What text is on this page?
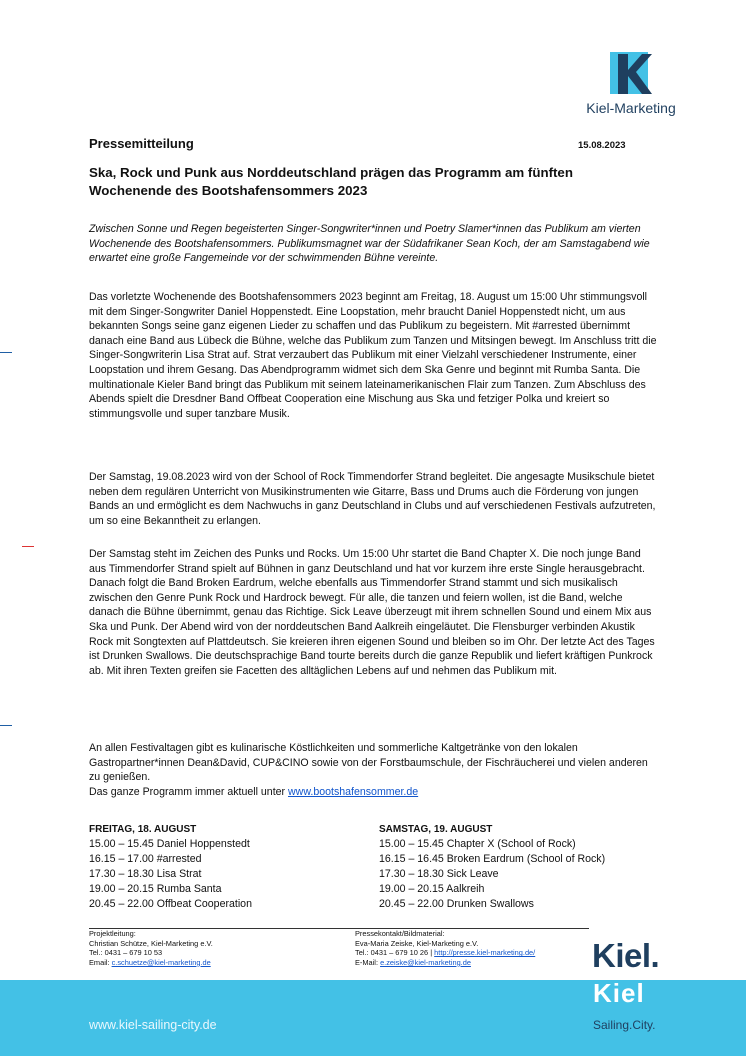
Kiel-Marketing
Pressemitteilung	15.08.2023
Ska, Rock und Punk aus Norddeutschland prägen das Programm am fünften Wochenende des Bootshafensommers 2023

Zwischen Sonne und Regen begeisterten Singer-Songwriter*innen und Poetry Slamer*innen das Publikum am vierten Wochenende des Bootshafensommers. Publikumsmagnet war der Südafrikaner Sean Koch, der am Samstagabend wie erwartet eine große Fangemeinde vor der schwimmenden Bühne vereinte.

Das vorletzte Wochenende des Bootshafensommers 2023 beginnt am Freitag, 18. August um 15:00 Uhr stimmungsvoll mit dem Singer-Songwriter Daniel Hoppenstedt. Eine Loopstation, mehr braucht Daniel Hoppenstedt nicht, um aus bekannten Songs seine ganz eigenen Lieder zu schaffen und das Publikum zu begeistern. Mit #arrested übernimmt danach eine Band aus Lübeck die Bühne, welche das Publikum zum Tanzen und Mitsingen bewegt. Im Anschluss tritt die Singer-Songwriterin Lisa Strat auf. Strat verzaubert das Publikum mit einer Vielzahl verschiedener Instrumente, einer Loopstation und ihrem Gesang. Das Abendprogramm widmet sich dem Ska Genre und beginnt mit Rumba Santa. Die multinationale Kieler Band bringt das Publikum mit seinem lateinamerikanischen Flair zum Tanzen. Zum Abschluss des Abends spielt die Dresdner Band Offbeat Cooperation eine Mischung aus Ska und fetziger Polka und kreiert so stimmungsvolle und super tanzbare Musik.

Der Samstag, 19.08.2023 wird von der School of Rock Timmendorfer Strand begleitet. Die angesagte Musikschule bietet neben dem regulären Unterricht von Musikinstrumenten wie Gitarre, Bass und Drums auch die Förderung von jungen Bands an und ermöglicht es dem Nachwuchs in ganz Deutschland in Clubs und auf verschiedenen Festivals aufzutreten, um so eine Bekanntheit zu erlangen.

Der Samstag steht im Zeichen des Punks und Rocks. Um 15:00 Uhr startet die Band Chapter X. Die noch junge Band aus Timmendorfer Strand spielt auf Bühnen in ganz Deutschland und hat vor kurzem ihre erste Single herausgebracht. Danach folgt die Band Broken Eardrum, welche ebenfalls aus Timmendorfer Strand stammt und sich musikalisch zwischen den Genre Punk Rock und Hardrock bewegt. Für alle, die tanzen und feiern wollen, ist die Band, welche danach die Bühne übernimmt, genau das Richtige. Sick Leave überzeugt mit ihrem schnellen Sound und einem Mix aus Ska und Punk. Der Abend wird von der norddeutschen Band Aalkreih eingeläutet. Die Flensburger verbinden Akustik Rock mit Songtexten auf Plattdeutsch. Sie kreieren ihren eigenen Sound und bleiben so im Ohr. Der letzte Act des Tages ist Drunken Swallows. Die deutschsprachige Band tourte bereits durch die ganze Republik und liefert kräftigen Punkrock ab. Mit ihren Texten greifen sie Facetten des alltäglichen Lebens auf und nehmen das Publikum mit.

An allen Festivaltagen gibt es kulinarische Köstlichkeiten und sommerliche Kaltgetränke von den lokalen Gastropartner*innen Dean&David, CUP&CINO sowie von der Forstbaumschule, der Fischräucherei und vielen anderen zu genießen.
Das ganze Programm immer aktuell unter www.bootshafensommer.de

FREITAG, 18. AUGUST
15.00 – 15.45 Daniel Hoppenstedt
16.15 – 17.00 #arrested
17.30 – 18.30 Lisa Strat
19.00 – 20.15 Rumba Santa
20.45 – 22.00 Offbeat Cooperation
SAMSTAG, 19. AUGUST
15.00 – 15.45 Chapter X (School of Rock)
16.15 – 16.45 Broken Eardrum (School of Rock)
17.30 – 18.30 Sick Leave
19.00 – 20.15 Aalkreih
20.45 – 22.00 Drunken Swallows
Projektleitung:
Christian Schütze, Kiel-Marketing e.V.
Tel.: 0431 – 679 10 53
Email: c.schuetze@kiel-marketing.de
Pressekontakt/Bildmaterial:
Eva-Maria Zeiske, Kiel-Marketing e.V.
Tel.: 0431 – 679 10 26 | http://presse.kiel-marketing.de/
E-Mail: e.zeiske@kiel-marketing.de	Kiel.
Kiel
www.kiel-sailing-city.de	Sailing.City.
